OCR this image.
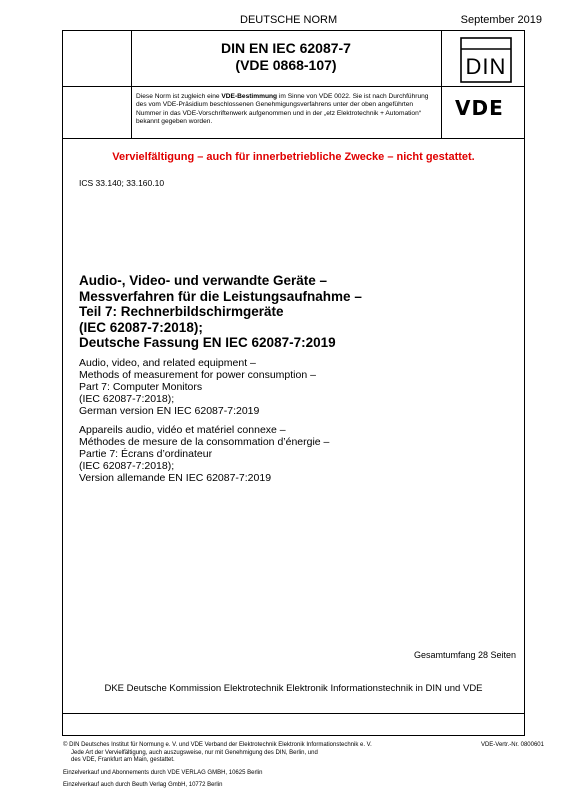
DEUTSCHE NORM	September 2019
DIN EN IEC 62087-7
(VDE 0868-107)
Diese Norm ist zugleich eine VDE-Bestimmung im Sinne von VDE 0022. Sie ist nach Durchführung des vom VDE-Präsidium beschlossenen Genehmigungsverfahrens unter der oben angeführten Nummer in das VDE-Vorschriftenwerk aufgenommen und in der „etz Elektrotechnik + Automation“ bekannt gegeben worden.
DIN
VDE
Vervielfältigung – auch für innerbetriebliche Zwecke – nicht gestattet.
ICS 33.140; 33.160.10
Audio-, Video- und verwandte Geräte –
Messverfahren für die Leistungsaufnahme –
Teil 7: Rechnerbildschirmgeräte
(IEC 62087-7:2018);
Deutsche Fassung EN IEC 62087-7:2019
Audio, video, and related equipment –
Methods of measurement for power consumption –
Part 7: Computer Monitors
(IEC 62087-7:2018);
German version EN IEC 62087-7:2019
Appareils audio, vidéo et matériel connexe –
Méthodes de mesure de la consommation d’énergie –
Partie 7: Écrans d’ordinateur
(IEC 62087-7:2018);
Version allemande EN IEC 62087-7:2019
Gesamtumfang 28 Seiten
DKE Deutsche Kommission Elektrotechnik Elektronik Informationstechnik in DIN und VDE
© DIN Deutsches Institut für Normung e. V. und VDE Verband der Elektrotechnik Elektronik Informationstechnik e. V.
Jede Art der Vervielfältigung, auch auszugsweise, nur mit Genehmigung des DIN, Berlin, und
des VDE, Frankfurt am Main, gestattet.
VDE-Vertr.-Nr. 0800601
Einzelverkauf und Abonnements durch VDE VERLAG GMBH, 10625 Berlin
Einzelverkauf auch durch Beuth Verlag GmbH, 10772 Berlin
